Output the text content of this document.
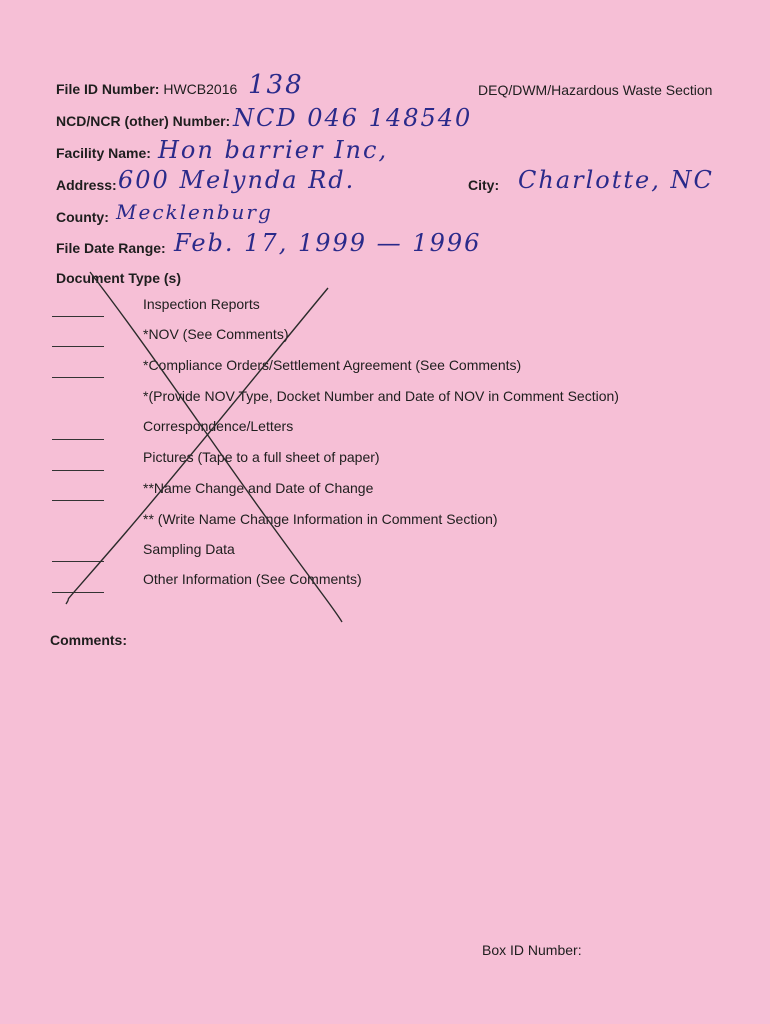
File ID Number: HWCB2016 138	DEQ/DWM/Hazardous Waste Section
NCD/NCR (other) Number: NCD 046 148540
Facility Name: Hon barrier Inc,
Address: 600 Melynda Rd.	City: Charlotte, NC
County: Mecklenburg
File Date Range: Feb. 17, 1999 — 1996
Document Type (s)
Inspection Reports
*NOV (See Comments)
*Compliance Orders/Settlement Agreement (See Comments)
*(Provide NOV Type, Docket Number and Date of NOV in Comment Section)
Correspondence/Letters
Pictures (Tape to a full sheet of paper)
**Name Change and Date of Change
** (Write Name Change Information in Comment Section)
Sampling Data
Other Information (See Comments)
Comments:
Box ID Number:
